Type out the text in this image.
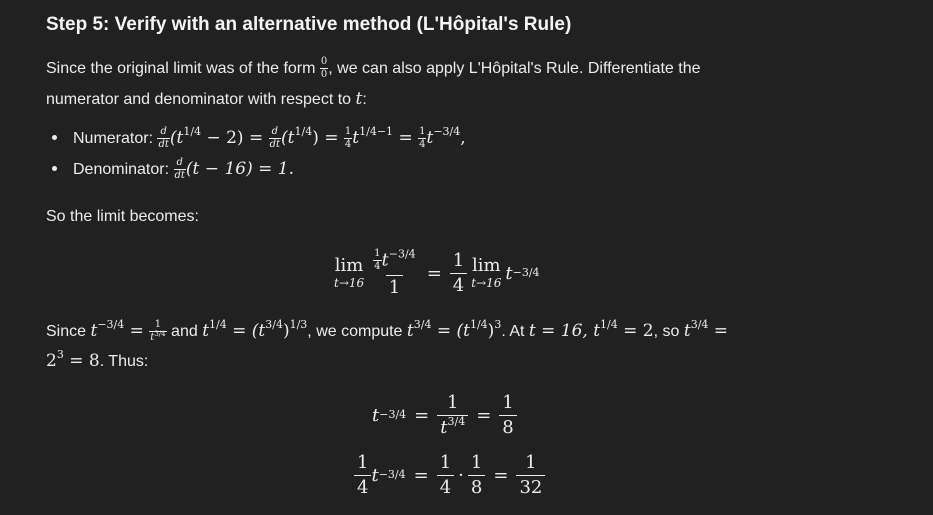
Step 5: Verify with an alternative method (L'Hôpital's Rule)
Since the original limit was of the form $\frac{0}{0}$ , we can also apply L'Hôpital's Rule. Differentiate the
numerator and denominator with respect to t:
Numerator: $\frac{d}{dt} (t^{1/4} - 2) = \frac{d}{dt} (t^{1/4}) = \frac{1}{4} t^{1/4-1} = \frac{1}{4} t^{-3/4}$,
Denominator: $\frac{d}{dt} (t - 16) = 1$.
So the limit becomes:
lim
$t\to 16 \frac{\frac{1}{4} t^{-3/4}}{1} = \frac{1}{4}$ lim
t→16 t −3/4
Since $t^{-3/4} = \frac{1}{t^{3/4}}$ and $t^{1/4} = (t^{3/4})^{1/3}$, we compute $t^{3/4} = (t^{1/4})^3$. At t = 16, $t^{1/4} = 2$, so $t^{3/4}$ =
$2^3 = 8$. Thus:
$t -3/4 = \frac{1}{t^{3/4}} = \frac{1}{8}$
$\frac{1}{4}$ $t -3/4 = \frac{1}{4} \cdot \frac{1}{8} = \frac{1}{32}$
